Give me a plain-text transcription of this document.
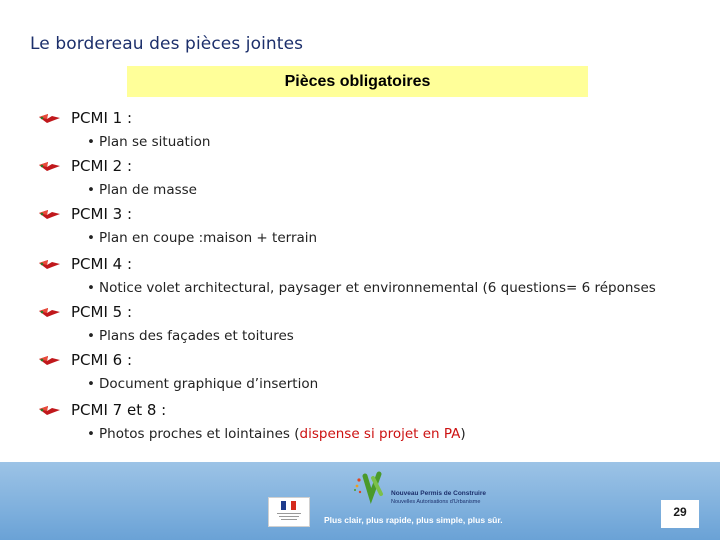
Le bordereau des pièces jointes
Pièces obligatoires
PCMI 1 :
• Plan se situation
PCMI 2 :
• Plan de masse
PCMI 3 :
• Plan en coupe :maison + terrain
PCMI 4 :
• Notice volet architectural, paysager et environnemental (6 questions= 6 réponses
PCMI 5 :
• Plans des façades et toitures
PCMI 6 :
• Document graphique d’insertion
PCMI 7 et 8 :
• Photos proches et lointaines (dispense si projet en PA)
Nouveau Permis de Construire
Nouvelles Autorisations d'Urbanisme
Plus clair, plus rapide, plus simple, plus sûr.
29
